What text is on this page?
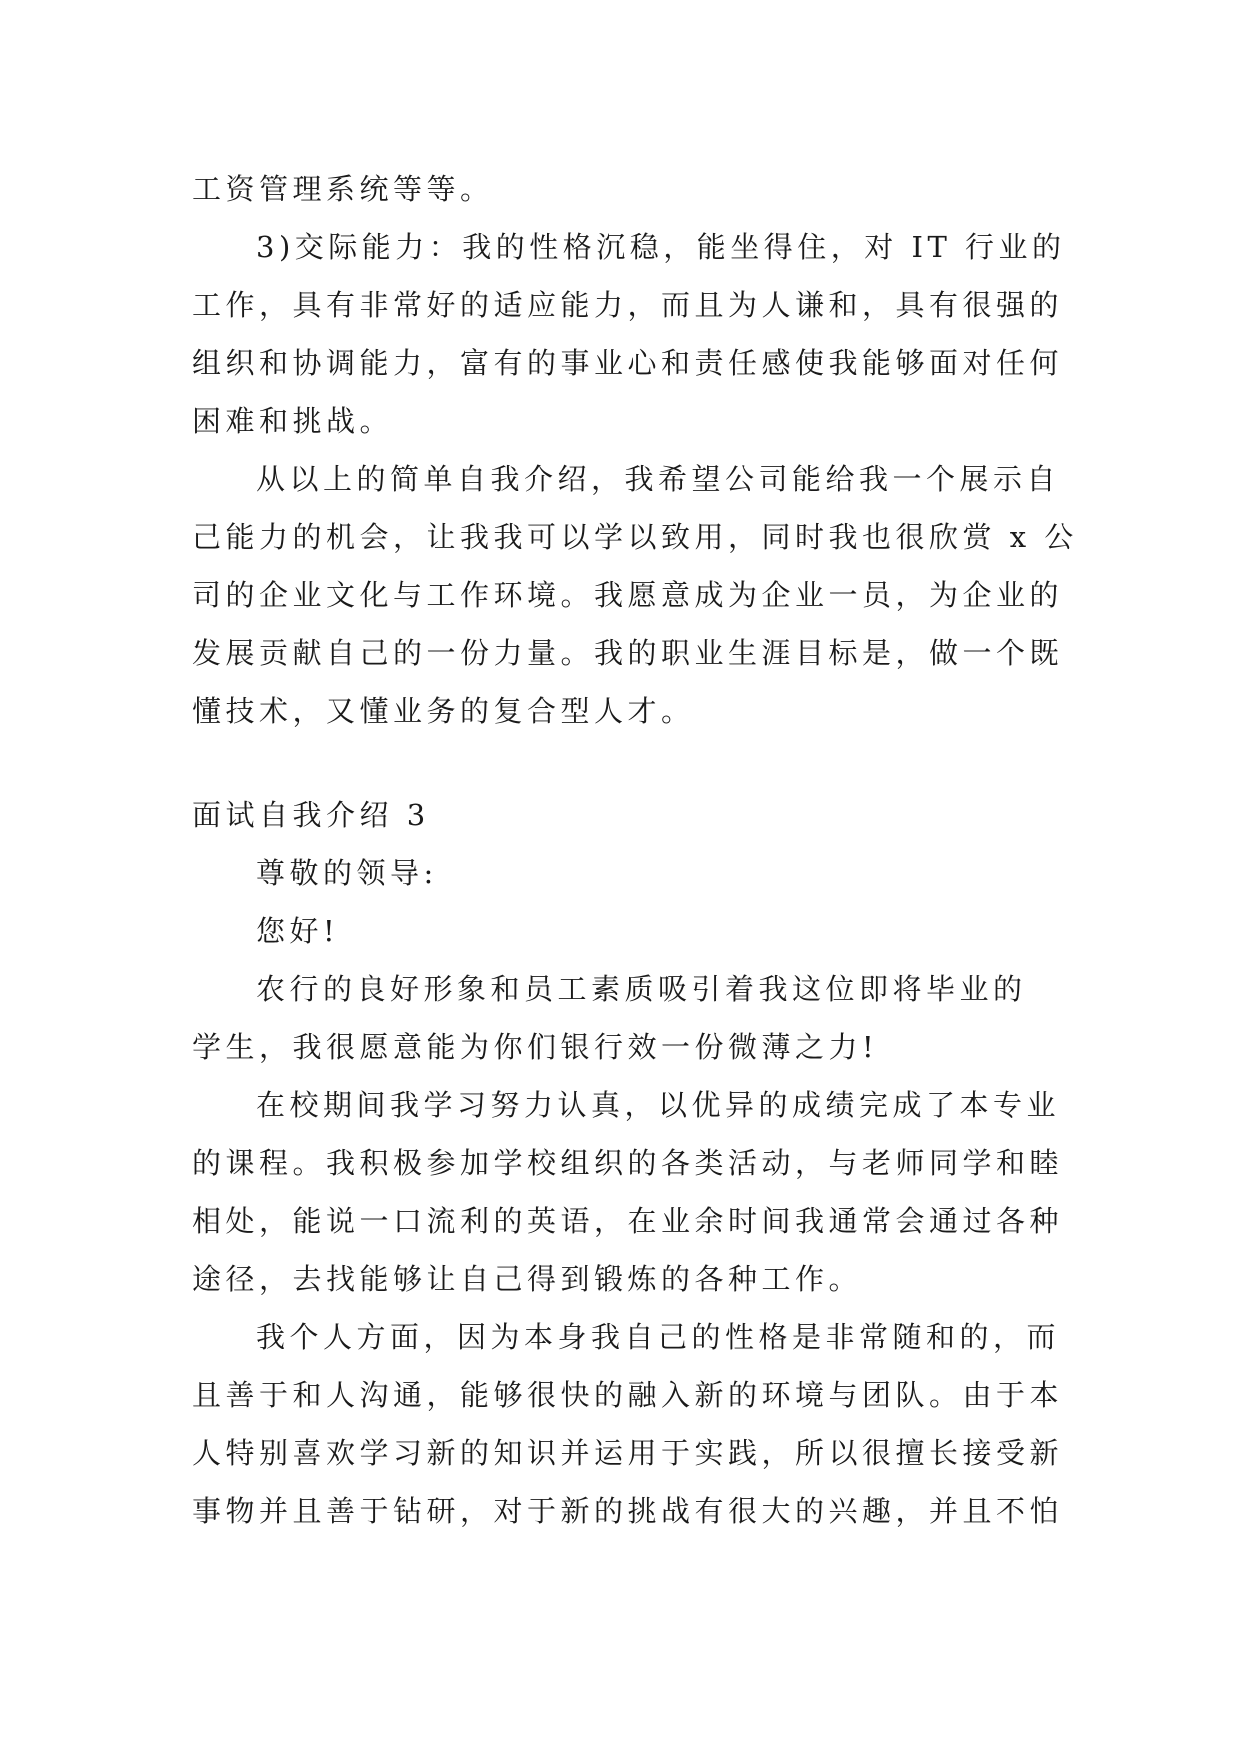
工资管理系统等等。

3)交际能力：我的性格沉稳，能坐得住，对 IT 行业的

工作，具有非常好的适应能力，而且为人谦和，具有很强的

组织和协调能力，富有的事业心和责任感使我能够面对任何

困难和挑战。

从以上的简单自我介绍，我希望公司能给我一个展示自

己能力的机会，让我我可以学以致用，同时我也很欣赏 x 公

司的企业文化与工作环境。我愿意成为企业一员，为企业的

发展贡献自己的一份力量。我的职业生涯目标是，做一个既

懂技术，又懂业务的复合型人才。

面试自我介绍 3

尊敬的领导:

您好!

农行的良好形象和员工素质吸引着我这位即将毕业的

学生，我很愿意能为你们银行效一份微薄之力!

在校期间我学习努力认真，以优异的成绩完成了本专业

的课程。我积极参加学校组织的各类活动，与老师同学和睦

相处，能说一口流利的英语，在业余时间我通常会通过各种

途径，去找能够让自己得到锻炼的各种工作。

我个人方面，因为本身我自己的性格是非常随和的，而

且善于和人沟通，能够很快的融入新的环境与团队。由于本

人特别喜欢学习新的知识并运用于实践，所以很擅长接受新

事物并且善于钻研，对于新的挑战有很大的兴趣，并且不怕
